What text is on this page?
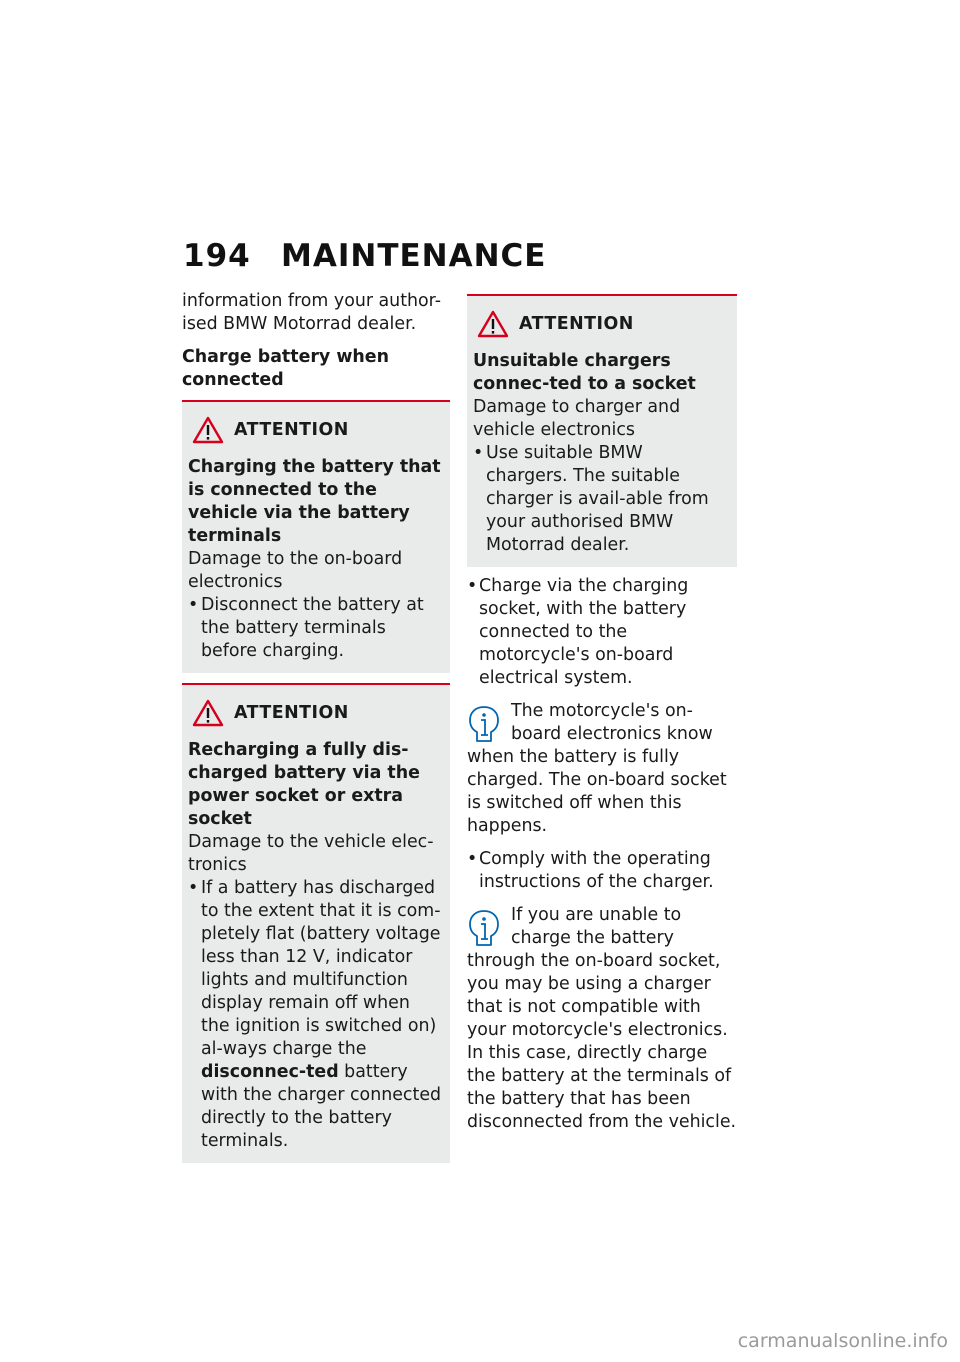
194 MAINTENANCE

information from your author-ised BMW Motorrad dealer.

Charge battery when connected

ATTENTION

Charging the battery that is connected to the vehicle via the battery terminals

Damage to the on-board electronics

• Disconnect the battery at the battery terminals before charging.
ATTENTION

Recharging a fully dis-charged battery via the power socket or extra socket

Damage to the vehicle elec-tronics

• If a battery has discharged to the extent that it is com-pletely flat (battery voltage less than 12 V, indicator lights and multifunction display remain off when the ignition is switched on) al-ways charge the disconnec-ted battery with the charger connected directly to the battery terminals.
ATTENTION

Unsuitable chargers connec-ted to a socket

Damage to charger and vehicle electronics

• Use suitable BMW chargers. The suitable charger is avail-able from your authorised BMW Motorrad dealer.
• Charge via the charging socket, with the battery connected to the motorcycle's on-board electrical system.
The motorcycle's on-board electronics know when the battery is fully charged. The on-board socket is switched off when this happens.
• Comply with the operating instructions of the charger.
If you are unable to charge the battery through the on-board socket, you may be using a charger that is not compatible with your motorcycle's electronics. In this case, directly charge the battery at the terminals of the battery that has been disconnected from the vehicle.
carmanualsonline.info
